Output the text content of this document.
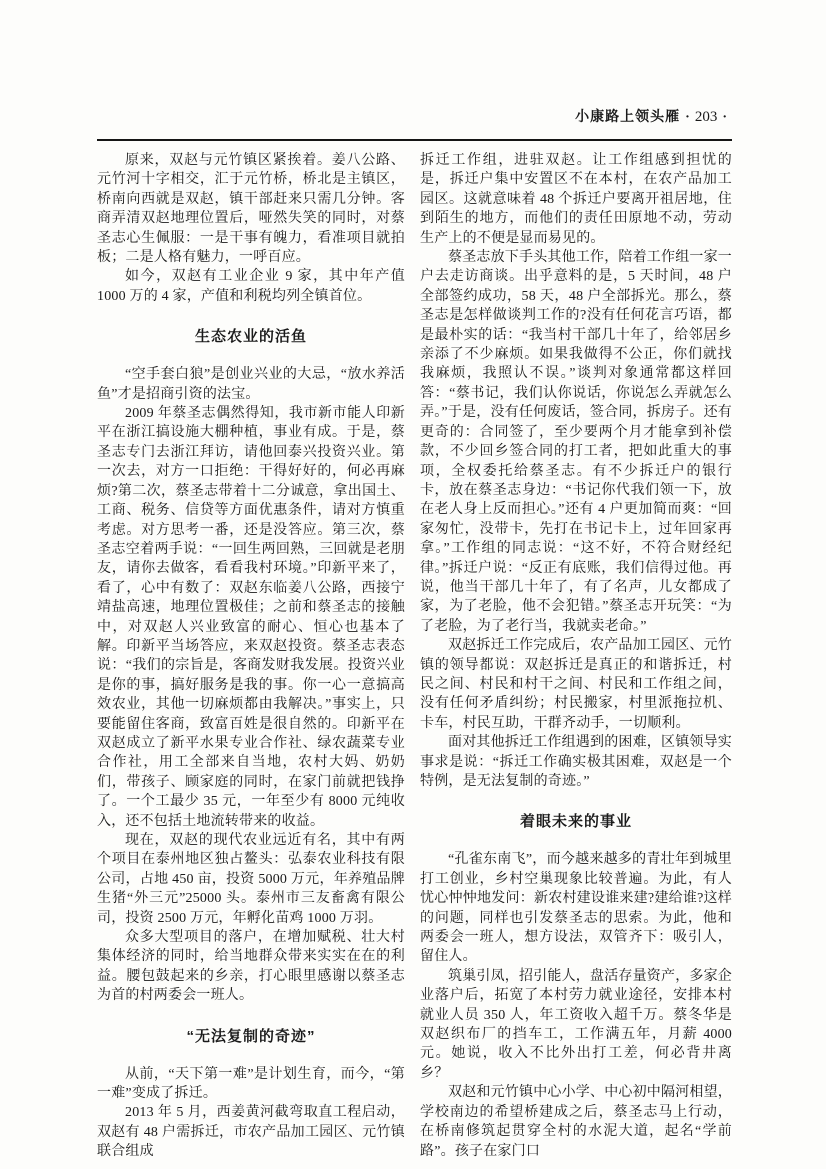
小康路上领头雁 · 203 ·

原来，双赵与元竹镇区紧挨着。姜八公路、元竹河十字相交，汇于元竹桥，桥北是主镇区，桥南向西就是双赵，镇干部赶来只需几分钟。客商弄清双赵地理位置后，哑然失笑的同时，对蔡圣志心生佩服：一是干事有魄力，看准项目就拍板；二是人格有魅力，一呼百应。

如今，双赵有工业企业 9 家，其中年产值 1000 万的 4 家，产值和利税均列全镇首位。

生态农业的活鱼

“空手套白狼”是创业兴业的大忌，“放水养活鱼”才是招商引资的法宝。

2009 年蔡圣志偶然得知，我市新市能人印新平在浙江搞设施大棚种植，事业有成。于是，蔡圣志专门去浙江拜访，请他回泰兴投资兴业。第一次去，对方一口拒绝：干得好好的，何必再麻烦?第二次，蔡圣志带着十二分诚意，拿出国土、工商、税务、信贷等方面优惠条件，请对方慎重考虑。对方思考一番，还是没答应。第三次，蔡圣志空着两手说：“一回生两回熟，三回就是老朋友，请你去做客，看看我村环境。”印新平来了，看了，心中有数了：双赵东临姜八公路，西接宁靖盐高速，地理位置极佳；之前和蔡圣志的接触中，对双赵人兴业致富的耐心、恒心也基本了解。印新平当场答应，来双赵投资。蔡圣志表态说：“我们的宗旨是，客商发财我发展。投资兴业是你的事，搞好服务是我的事。你一心一意搞高效农业，其他一切麻烦都由我解决。”事实上，只要能留住客商，致富百姓是很自然的。印新平在双赵成立了新平水果专业合作社、绿农蔬菜专业合作社，用工全部来自当地，农村大妈、奶奶们，带孩子、顾家庭的同时，在家门前就把钱挣了。一个工最少 35 元，一年至少有 8000 元纯收入，还不包括土地流转带来的收益。

现在，双赵的现代农业远近有名，其中有两个项目在泰州地区独占鳌头：弘泰农业科技有限公司，占地 450 亩，投资 5000 万元，年养殖品牌生猪“外三元”25000 头。泰州市三友畜禽有限公司，投资 2500 万元，年孵化苗鸡 1000 万羽。

众多大型项目的落户，在增加赋税、壮大村集体经济的同时，给当地群众带来实实在在的利益。腰包鼓起来的乡亲，打心眼里感谢以蔡圣志为首的村两委会一班人。

“无法复制的奇迹”

从前，“天下第一难”是计划生育，而今，“第一难”变成了拆迁。

2013 年 5 月，西姜黄河截弯取直工程启动，双赵有 48 户需拆迁，市农产品加工园区、元竹镇联合组成

拆迁工作组，进驻双赵。让工作组感到担忧的是，拆迁户集中安置区不在本村，在农产品加工园区。这就意味着 48 个拆迁户要离开祖居地，住到陌生的地方，而他们的责任田原地不动，劳动生产上的不便是显而易见的。

蔡圣志放下手头其他工作，陪着工作组一家一户去走访商谈。出乎意料的是，5 天时间，48 户全部签约成功，58 天，48 户全部拆光。那么，蔡圣志是怎样做谈判工作的?没有任何花言巧语，都是最朴实的话：“我当村干部几十年了，给邻居乡亲添了不少麻烦。如果我做得不公正，你们就找我麻烦，我照认不误。”谈判对象通常都这样回答：“蔡书记，我们认你说话，你说怎么弄就怎么弄。”于是，没有任何废话，签合同，拆房子。还有更奇的：合同签了，至少要两个月才能拿到补偿款，不少回乡签合同的打工者，把如此重大的事项，全权委托给蔡圣志。有不少拆迁户的银行卡，放在蔡圣志身边：“书记你代我们领一下，放在老人身上反而担心。”还有 4 户更加简而爽：“回家匆忙，没带卡，先打在书记卡上，过年回家再拿。”工作组的同志说：“这不好，不符合财经纪律。”拆迁户说：“反正有底账，我们信得过他。再说，他当干部几十年了，有了名声，儿女都成了家，为了老脸，他不会犯错。”蔡圣志开玩笑：“为了老脸，为了老行当，我就卖老命。”

双赵拆迁工作完成后，农产品加工园区、元竹镇的领导都说：双赵拆迁是真正的和谐拆迁，村民之间、村民和村干之间、村民和工作组之间，没有任何矛盾纠纷；村民搬家，村里派拖拉机、卡车，村民互助，干群齐动手，一切顺利。

面对其他拆迁工作组遇到的困难，区镇领导实事求是说：“拆迁工作确实极其困难，双赵是一个特例，是无法复制的奇迹。”

着眼未来的事业

“孔雀东南飞”，而今越来越多的青壮年到城里打工创业，乡村空巢现象比较普遍。为此，有人忧心忡忡地发问：新农村建设谁来建?建给谁?这样的问题，同样也引发蔡圣志的思索。为此，他和两委会一班人，想方设法，双管齐下：吸引人，留住人。

筑巢引凤，招引能人，盘活存量资产，多家企业落户后，拓宽了本村劳力就业途径，安排本村就业人员 350 人，年工资收入超千万。蔡冬华是双赵织布厂的挡车工，工作满五年，月薪 4000 元。她说，收入不比外出打工差，何必背井离乡？

双赵和元竹镇中心小学、中心初中隔河相望，学校南边的希望桥建成之后，蔡圣志马上行动，在桥南修筑起贯穿全村的水泥大道，起名“学前路”。孩子在家门口
